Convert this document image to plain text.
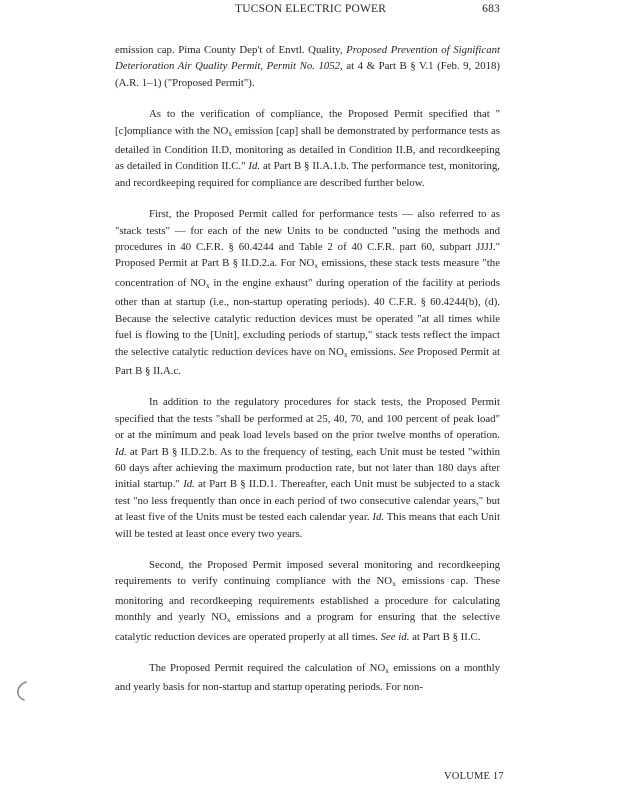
TUCSON ELECTRIC POWER	683

emission cap. Pima County Dep't of Envtl. Quality, Proposed Prevention of Significant Deterioration Air Quality Permit, Permit No. 1052, at 4 & Part B § V.1 (Feb. 9, 2018) (A.R. 1–1) ("Proposed Permit").

As to the verification of compliance, the Proposed Permit specified that "[c]ompliance with the $NO_x$ emission [cap] shall be demonstrated by performance tests as detailed in Condition II.D, monitoring as detailed in Condition II.B, and recordkeeping as detailed in Condition II.C." Id. at Part B § II.A.1.b. The performance test, monitoring, and recordkeeping required for compliance are described further below.

First, the Proposed Permit called for performance tests — also referred to as "stack tests" — for each of the new Units to be conducted "using the methods and procedures in 40 C.F.R. § 60.4244 and Table 2 of 40 C.F.R. part 60, subpart JJJJ." Proposed Permit at Part B § II.D.2.a. For $NO_x$ emissions, these stack tests measure "the concentration of $NO_x$ in the engine exhaust" during operation of the facility at periods other than at startup (i.e., non-startup operating periods). 40 C.F.R. § 60.4244(b), (d). Because the selective catalytic reduction devices must be operated "at all times while fuel is flowing to the [Unit], excluding periods of startup," stack tests reflect the impact the selective catalytic reduction devices have on $NO_x$ emissions. See Proposed Permit at Part B § II.A.c.

In addition to the regulatory procedures for stack tests, the Proposed Permit specified that the tests "shall be performed at 25, 40, 70, and 100 percent of peak load" or at the minimum and peak load levels based on the prior twelve months of operation. Id. at Part B § II.D.2.b. As to the frequency of testing, each Unit must be tested "within 60 days after achieving the maximum production rate, but not later than 180 days after initial startup." Id. at Part B § II.D.1. Thereafter, each Unit must be subjected to a stack test "no less frequently than once in each period of two consecutive calendar years," but at least five of the Units must be tested each calendar year. Id. This means that each Unit will be tested at least once every two years.

Second, the Proposed Permit imposed several monitoring and recordkeeping requirements to verify continuing compliance with the $NO_x$ emissions cap. These monitoring and recordkeeping requirements established a procedure for calculating monthly and yearly $NO_x$ emissions and a program for ensuring that the selective catalytic reduction devices are operated properly at all times. See id. at Part B § II.C.

The Proposed Permit required the calculation of $NO_x$ emissions on a monthly and yearly basis for non-startup and startup operating periods. For non-

VOLUME 17
